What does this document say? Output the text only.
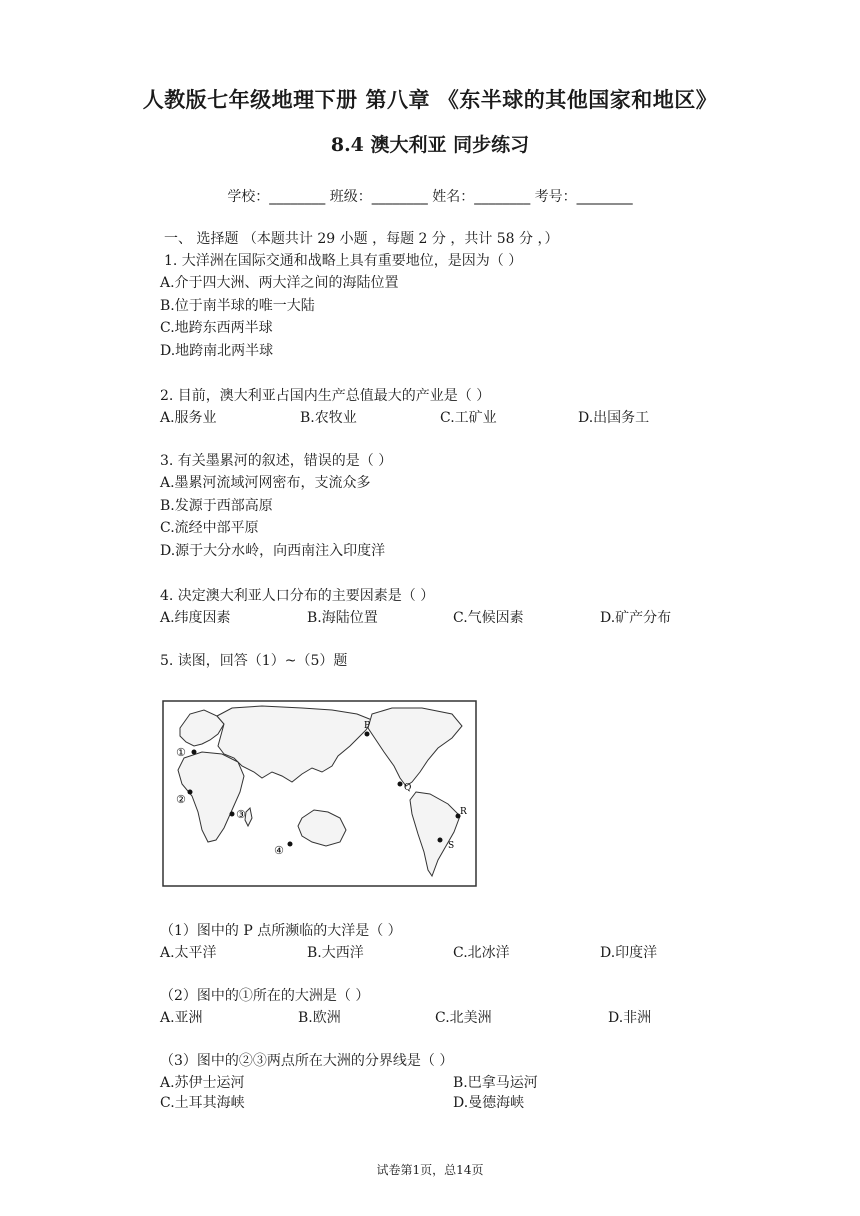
人教版七年级地理下册 第八章 《东半球的其他国家和地区》
8.4 澳大利亚 同步练习
学校：________ 班级：________ 姓名：________ 考号：________
一、 选择题 （本题共计 29 小题 ，每题 2 分 ，共计 58 分 ，）
1. 大洋洲在国际交通和战略上具有重要地位，是因为（ ）
A.介于四大洲、两大洋之间的海陆位置
B.位于南半球的唯一大陆
C.地跨东西两半球
D.地跨南北两半球
2. 目前，澳大利亚占国内生产总值最大的产业是（ ）
A.服务业	B.农牧业	C.工矿业	D.出国务工
3. 有关墨累河的叙述，错误的是（ ）
A.墨累河流域河网密布，支流众多
B.发源于西部高原
C.流经中部平原
D.源于大分水岭，向西南注入印度洋
4. 决定澳大利亚人口分布的主要因素是（ ）
A.纬度因素	B.海陆位置	C.气候因素	D.矿产分布
5. 读图，回答（1）~（5）题
P
Q
R
S
①
②
③
④
（1）图中的 P 点所濒临的大洋是（ ）
A.太平洋	B.大西洋	C.北冰洋	D.印度洋
（2）图中的①所在的大洲是（ ）
A.亚洲	B.欧洲	C.北美洲	D.非洲
（3）图中的②③两点所在大洲的分界线是（ ）
A.苏伊士运河	B.巴拿马运河
C.土耳其海峡	D.曼德海峡
试卷第1页，总14页
